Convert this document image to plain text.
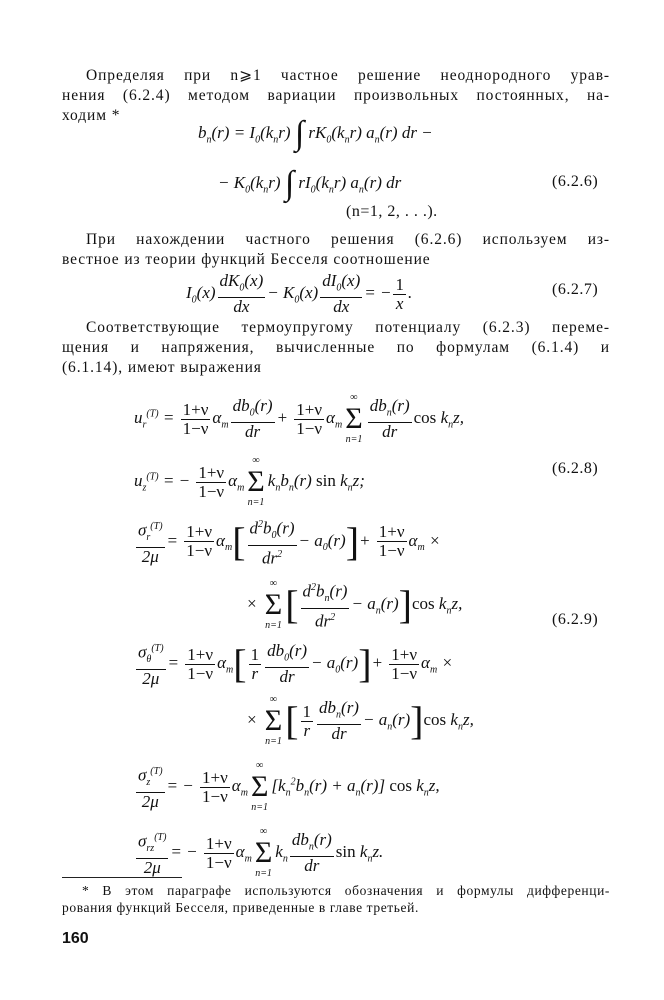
Определяя при n⩾1 частное решение неоднородного урав-
нения (6.2.4) методом вариации произвольных постоянных, на-
ходим *
$b_n(r) = I_0(k_nr)$ ∫ $rK_0(k_nr)$ $a_n(r)$ dr −
− $K_0(k_nr)$ ∫ $rI_0(k_nr)$ $a_n(r)$ dr	(6.2.6)
(n=1, 2, . . .).
При нахождении частного решения (6.2.6) используем из-
вестное из теории функций Бесселя соотношение
$I_0(x) \frac{dK_0(x)}{dx} - K_0(x) \frac{dI_0(x)}{dx}$ = − $\frac{1}{x}$ .	(6.2.7)
Соответствующие термоупругому потенциалу (6.2.3) переме-
щения и напряжения, вычисленные по формулам (6.1.4) и
(6.1.14), имеют выражения
$u_r^{(T)} = \frac{1+\nu}{1-\nu} \alpha_т \frac{db_0(r)}{dr} + \frac{1+\nu}{1-\nu} \alpha_т$
∞
Σ
$n=1 \frac{db_n(r)}{dr}$ $\cos k_nz$,
$u_z^{(T)}$ = − $\frac{1+\nu}{1-\nu} \alpha_т$
∞
Σ
n=1
$k_nb_n(r)$ $\sin k_nz$;
(6.2.8)
$\frac{\sigma_r^{(T)}}{2\mu} = \frac{1+\nu}{1-\nu} \alpha_т[ \frac{d^2b_0(r)}{dr^2} - a_0(r)]+ \frac{1+\nu}{1-\nu} \alpha_т$ ×
×
∞
Σ
n=1 [ $\frac{d^2b_n(r)}{dr^2} - a_n(r)]\cos$ $k_nz$,
(6.2.9)
$\frac{\sigma_\theta^{(T)}}{2\mu} = \frac{1+\nu}{1-\nu} \alpha_т[ \frac{1}{r} \frac{db_0(r)}{dr} - a_0(r)]+ \frac{1+\nu}{1-\nu} \alpha_т$ ×
×
∞
Σ
n=1 [ $\frac{1}{r} \frac{db_n(r)}{dr} - a_n(r)]\cos$ $k_nz$,
$\frac{\sigma_z^{(T)}}{2\mu}$ = − $\frac{1+\nu}{1-\nu} \alpha_т$
∞
Σ
n=1
$[k_n^2b_n(r) + a_n(r)]$ $\cos k_nz$,
$\frac{\sigma_{rz}^{(T)}}{2\mu}$ = − $\frac{1+\nu}{1-\nu} \alpha_т$
∞
Σ
n=1
$k_n \frac{db_n(r)}{dr}$ $\sin k_nz$.
* В этом параграфе используются обозначения и формулы дифференци-
рования функций Бесселя, приведенные в главе третьей.
160
